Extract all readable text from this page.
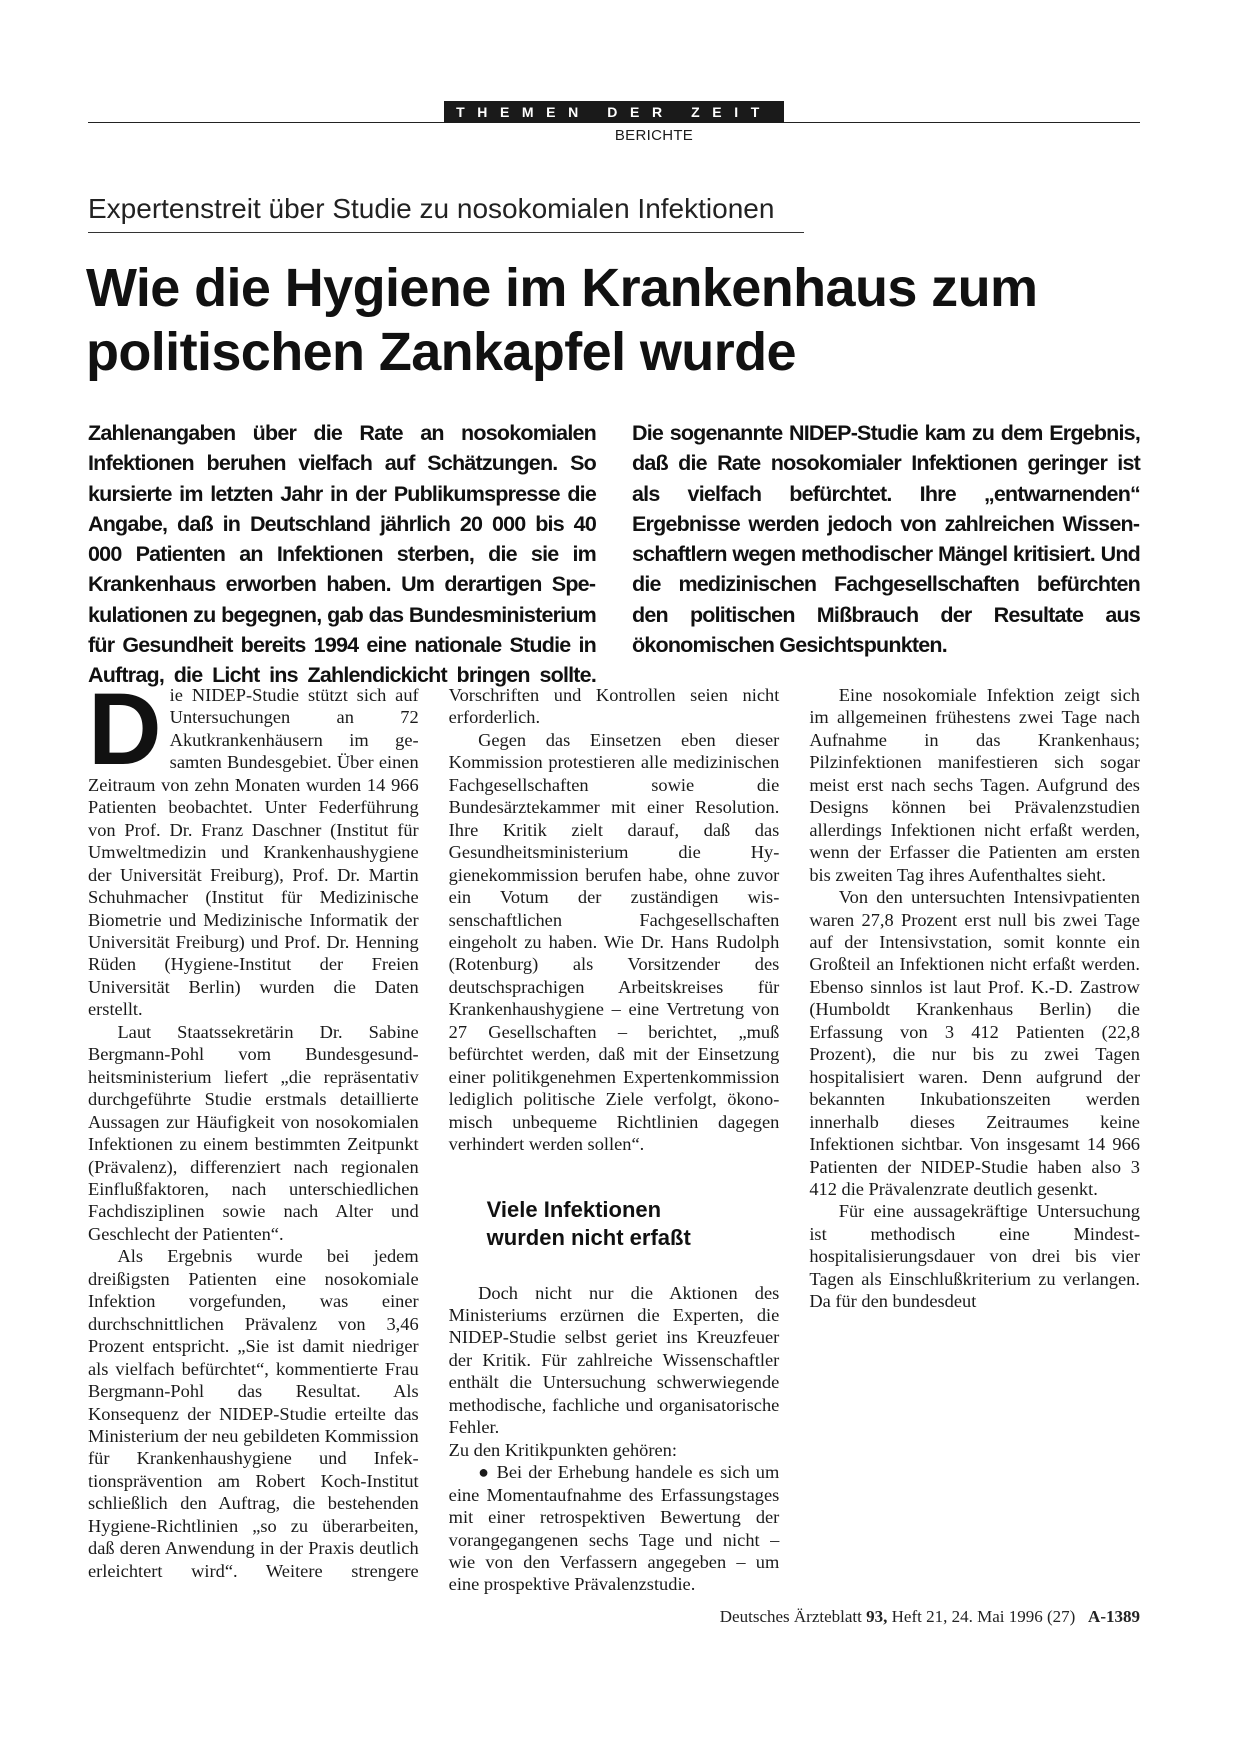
THEMEN DER ZEIT
BERICHTE
Expertenstreit über Studie zu nosokomialen Infektionen
Wie die Hygiene im Krankenhaus zum
politischen Zankapfel wurde

Zahlenangaben über die Rate an nosokomialen Infektionen beruhen vielfach auf Schätzungen. So kursierte im letzten Jahr in der Publikumspresse die Angabe, daß in Deutschland jährlich 20 000 bis 40 000 Patienten an Infektionen sterben, die sie im Krankenhaus erworben haben. Um derartigen Spekulationen zu begegnen, gab das Bundesministerium für Gesundheit bereits 1994 eine nationale Studie in Auftrag, die Licht ins Zahlendickicht bringen sollte. Die sogenannte NIDEP-Studie kam zu dem Ergebnis, daß die Rate nosokomialer Infektionen geringer ist als vielfach befürchtet. Ihre „entwarnenden“ Ergebnisse werden jedoch von zahlreichen Wissenschaftlern wegen methodischer Mängel kritisiert. Und die medizinischen Fachgesellschaften befürchten den politischen Mißbrauch der Resultate aus ökonomischen Gesichtspunkten.

Die NIDEP-Studie stützt sich auf Untersuchungen an 72 Akutkrankenhäusern im gesamten Bundesgebiet. Über einen Zeitraum von zehn Monaten wurden 14 966 Patienten beobachtet. Unter Federführung von Prof. Dr. Franz Daschner (Institut für Umweltmedizin und Krankenhaushygiene der Universität Freiburg), Prof. Dr. Martin Schuhmacher (Institut für Medizinische Biometrie und Medizinische Informatik der Universität Freiburg) und Prof. Dr. Henning Rüden (Hygiene-Institut der Freien Universität Berlin) wurden die Daten erstellt.

Laut Staatssekretärin Dr. Sabine Bergmann-Pohl vom Bundesgesundheitsministerium liefert „die repräsentativ durchgeführte Studie erstmals detaillierte Aussagen zur Häufigkeit von nosokomialen Infektionen zu einem bestimmten Zeitpunkt (Prävalenz), differenziert nach regionalen Einflußfaktoren, nach unterschiedlichen Fachdisziplinen sowie nach Alter und Geschlecht der Patienten“.

Als Ergebnis wurde bei jedem dreißigsten Patienten eine nosokomiale Infektion vorgefunden, was einer durchschnittlichen Prävalenz von 3,46 Prozent entspricht. „Sie ist damit niedriger als vielfach befürchtet“, kommentierte Frau Bergmann-Pohl das Resultat. Als Konsequenz der NIDEP-Studie erteilte das Ministerium der neu gebildeten Kommission für Krankenhaushygiene und Infektionsprävention am Robert Koch-Institut schließlich den Auftrag, die bestehenden Hygiene-Richtlinien „so zu überarbeiten, daß deren Anwendung in der Praxis deutlich erleichtert wird“. Weitere strengere Vorschriften und Kontrollen seien nicht erforderlich.

Gegen das Einsetzen eben dieser Kommission protestieren alle medizinischen Fachgesellschaften sowie die Bundesärztekammer mit einer Resolution. Ihre Kritik zielt darauf, daß das Gesundheitsministerium die Hygienekommission berufen habe, ohne zuvor ein Votum der zuständigen wissenschaftlichen Fachgesellschaften eingeholt zu haben. Wie Dr. Hans Rudolph (Rotenburg) als Vorsitzender des deutschsprachigen Arbeitskreises für Krankenhaushygiene – eine Vertretung von 27 Gesellschaften – berichtet, „muß befürchtet werden, daß mit der Einsetzung einer politikgenehmen Expertenkommission lediglich politische Ziele verfolgt, ökonomisch unbequeme Richtlinien dagegen verhindert werden sollen“.

Viele Infektionen
wurden nicht erfaßt

Doch nicht nur die Aktionen des Ministeriums erzürnen die Experten, die NIDEP-Studie selbst geriet ins Kreuzfeuer der Kritik. Für zahlreiche Wissenschaftler enthält die Untersuchung schwerwiegende methodische, fachliche und organisatorische Fehler.

Zu den Kritikpunkten gehören:

● Bei der Erhebung handele es sich um eine Momentaufnahme des Erfassungstages mit einer retrospektiven Bewertung der vorangegangenen sechs Tage und nicht – wie von den Verfassern angegeben – um eine prospektive Prävalenzstudie.

Eine nosokomiale Infektion zeigt sich im allgemeinen frühestens zwei Tage nach Aufnahme in das Krankenhaus; Pilzinfektionen manifestieren sich sogar meist erst nach sechs Tagen. Aufgrund des Designs können bei Prävalenzstudien allerdings Infektionen nicht erfaßt werden, wenn der Erfasser die Patienten am ersten bis zweiten Tag ihres Aufenthaltes sieht.

Von den untersuchten Intensivpatienten waren 27,8 Prozent erst null bis zwei Tage auf der Intensivstation, somit konnte ein Großteil an Infektionen nicht erfaßt werden. Ebenso sinnlos ist laut Prof. K.-D. Zastrow (Humboldt Krankenhaus Berlin) die Erfassung von 3 412 Patienten (22,8 Prozent), die nur bis zu zwei Tagen hospitalisiert waren. Denn aufgrund der bekannten Inkubationszeiten werden innerhalb dieses Zeitraumes keine Infektionen sichtbar. Von insgesamt 14 966 Patienten der NIDEP-Studie haben also 3 412 die Prävalenzrate deutlich gesenkt.

Für eine aussagekräftige Untersuchung ist methodisch eine Mindesthospitalisierungsdauer von drei bis vier Tagen als Einschlußkriterium zu verlangen. Da für den bundesdeut

Deutsches Ärzteblatt 93, Heft 21, 24. Mai 1996 (27) A-1389
